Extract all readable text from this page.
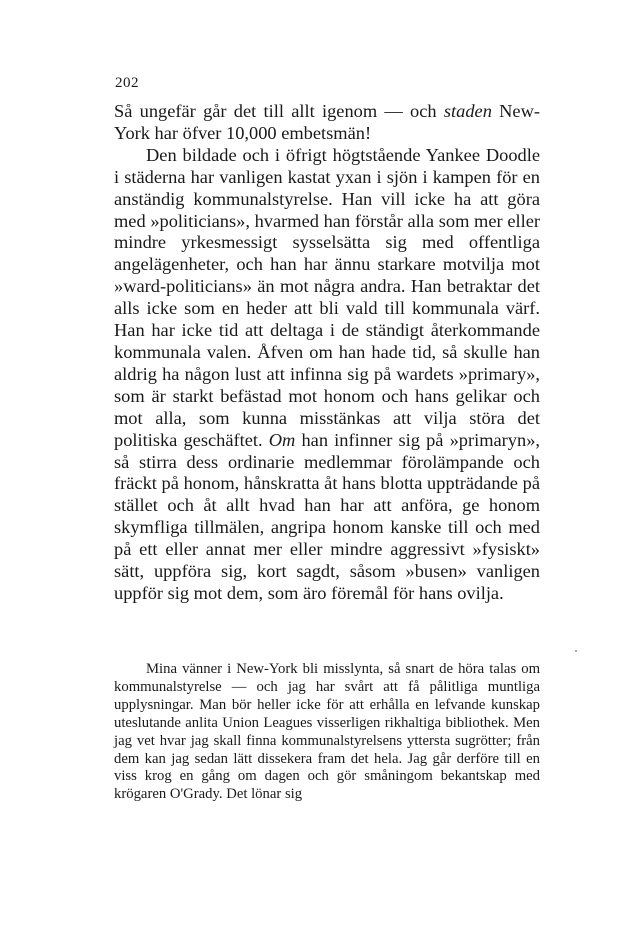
202

Så ungefär går det till allt igenom — och staden New-York har öfver 10,000 embetsmän!

Den bildade och i öfrigt högtstående Yankee Doodle i städerna har vanligen kastat yxan i sjön i kampen för en anständig kommunalstyrelse. Han vill icke ha att göra med »politicians», hvarmed han förstår alla som mer eller mindre yrkesmessigt sysselsätta sig med offentliga angelägenheter, och han har ännu starkare motvilja mot »ward-politicians» än mot några andra. Han betraktar det alls icke som en heder att bli vald till kommunala värf. Han har icke tid att deltaga i de ständigt återkommande kommunala valen. Åfven om han hade tid, så skulle han aldrig ha någon lust att infinna sig på wardets »primary», som är starkt befästad mot honom och hans gelikar och mot alla, som kunna misstänkas att vilja störa det politiska geschäftet. Om han infinner sig på »primaryn», så stirra dess ordinarie medlemmar förolämpande och fräckt på honom, hånskratta åt hans blotta uppträdande på stället och åt allt hvad han har att anföra, ge honom skymfliga tillmälen, angripa honom kanske till och med på ett eller annat mer eller mindre aggressivt »fysiskt» sätt, uppföra sig, kort sagdt, såsom »busen» vanligen uppför sig mot dem, som äro föremål för hans ovilja.

Mina vänner i New-York bli misslynta, så snart de höra talas om kommunalstyrelse — och jag har svårt att få pålitliga muntliga upplysningar. Man bör heller icke för att erhålla en lefvande kunskap uteslutande anlita Union Leagues visserligen rikhaltiga bibliothek. Men jag vet hvar jag skall finna kommunalstyrelsens yttersta sugrötter; från dem kan jag sedan lätt dissekera fram det hela. Jag går derföre till en viss krog en gång om dagen och gör småningom bekantskap med krögaren O'Grady. Det lönar sig
